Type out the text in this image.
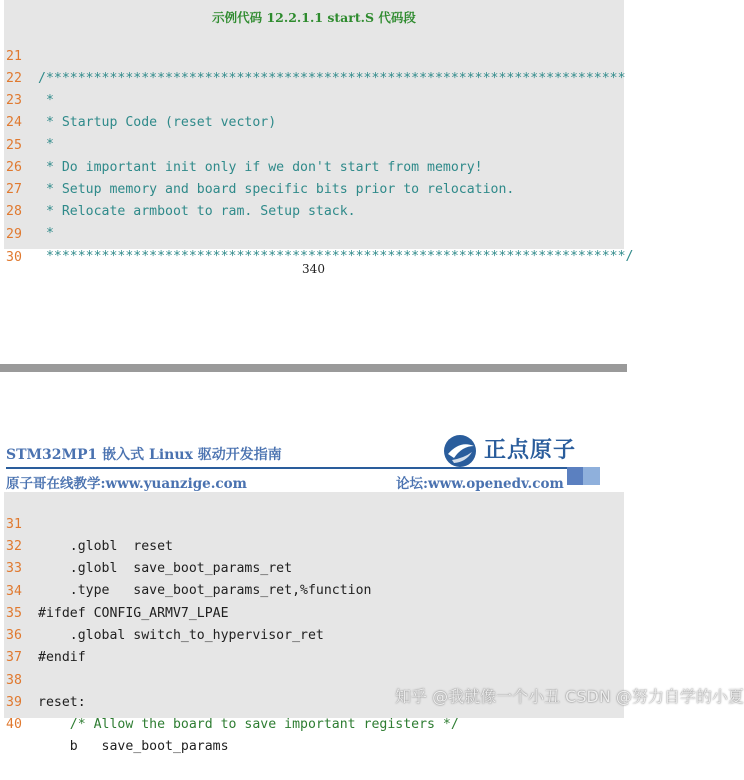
示例代码 12.2.1.1 start.S 代码段

21

/*************************************************************************

22

*

23

* Startup Code (reset vector)

24

*

25

* Do important init only if we don't start from memory!

26

* Setup memory and board specific bits prior to relocation.

27

* Relocate armboot to ram. Setup stack.

28

*

29

*************************************************************************/

30

340
STM32MP1 嵌入式 Linux 驱动开发指南	正点原子
原子哥在线教学:www.yuanzige.com	论坛:www.openedv.com

31

.globl  reset

32

.globl  save_boot_params_ret

33

.type   save_boot_params_ret,%function

34

#ifdef CONFIG_ARMV7_LPAE

35

.global switch_to_hypervisor_ret

36

#endif

37

38

reset:

39

/* Allow the board to save important registers */

40

b   save_boot_params

知乎 @我就像一个小丑 CSDN @努力自学的小夏
